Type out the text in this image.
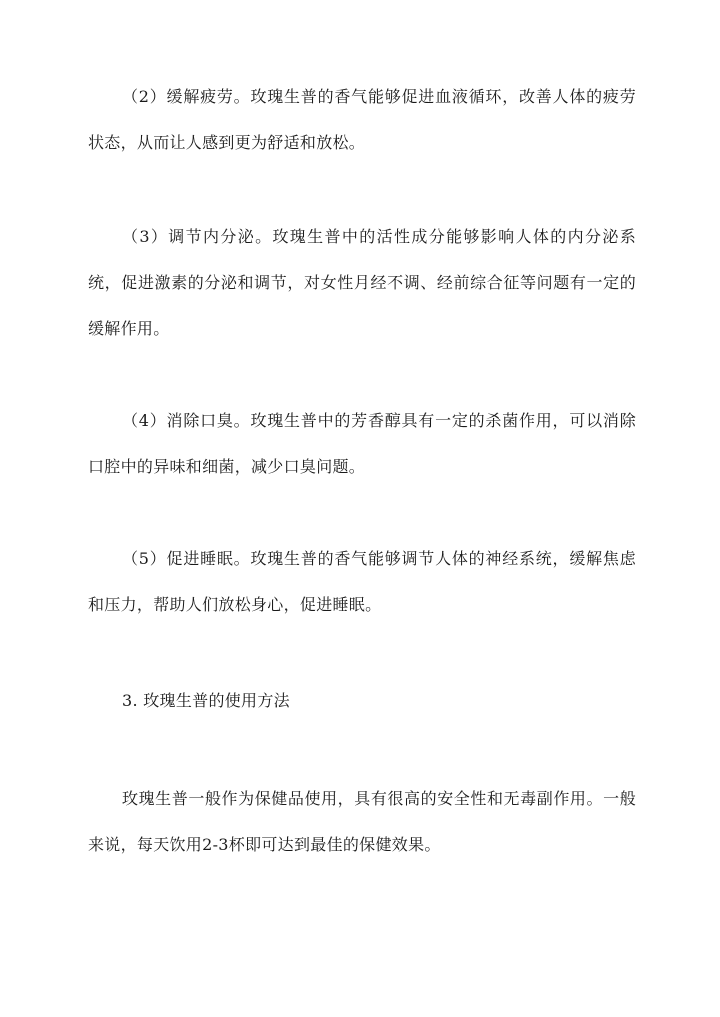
（2）缓解疲劳。玫瑰生普的香气能够促进血液循环，改善人体的疲劳状态，从而让人感到更为舒适和放松。

（3）调节内分泌。玫瑰生普中的活性成分能够影响人体的内分泌系统，促进激素的分泌和调节，对女性月经不调、经前综合征等问题有一定的缓解作用。

（4）消除口臭。玫瑰生普中的芳香醇具有一定的杀菌作用，可以消除口腔中的异味和细菌，减少口臭问题。

（5）促进睡眠。玫瑰生普的香气能够调节人体的神经系统，缓解焦虑和压力，帮助人们放松身心，促进睡眠。

3. 玫瑰生普的使用方法

玫瑰生普一般作为保健品使用，具有很高的安全性和无毒副作用。一般来说，每天饮用2-3杯即可达到最佳的保健效果。
